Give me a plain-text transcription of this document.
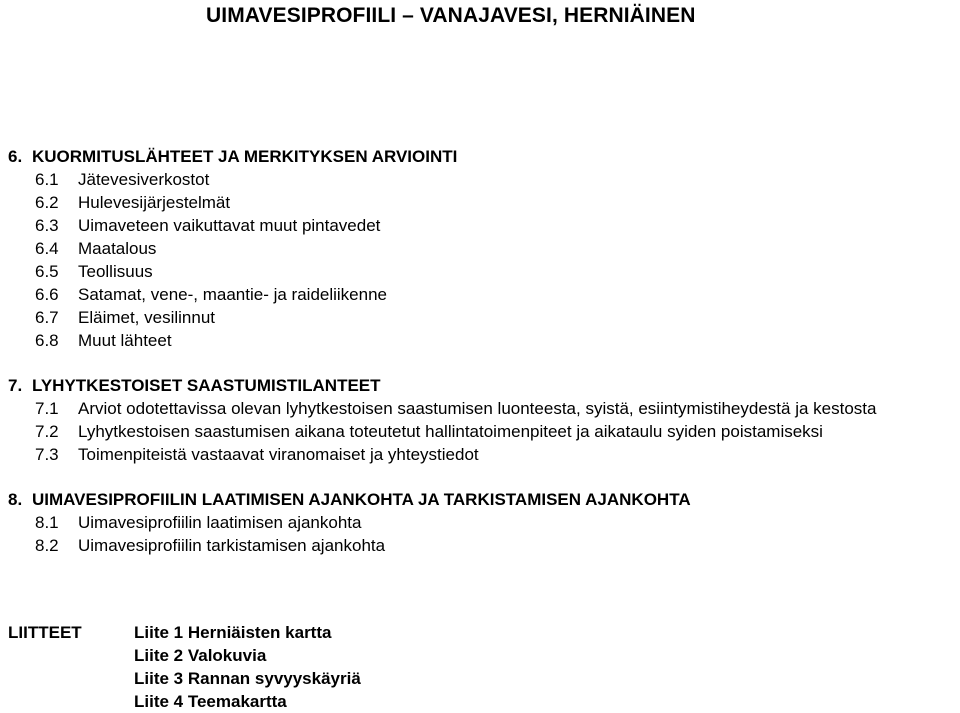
UIMAVESIPROFIILI – VANAJAVESI, HERNIÄINEN
6. KUORMITUSLÄHTEET JA MERKITYKSEN ARVIOINTI
6.1	Jätevesiverkostot
6.2	Hulevesijärjestelmät
6.3	Uimaveteen vaikuttavat muut pintavedet
6.4	Maatalous
6.5	Teollisuus
6.6	Satamat, vene-, maantie- ja raideliikenne
6.7	Eläimet, vesilinnut
6.8	Muut lähteet
7. LYHYTKESTOISET SAASTUMISTILANTEET
7.1	Arviot odotettavissa olevan lyhytkestoisen saastumisen luonteesta, syistä, esiintymistiheydestä ja kestosta
7.2	Lyhytkestoisen saastumisen aikana toteutetut hallintatoimenpiteet ja aikataulu syiden poistamiseksi
7.3	Toimenpiteistä vastaavat viranomaiset ja yhteystiedot
8. UIMAVESIPROFIILIN LAATIMISEN AJANKOHTA JA TARKISTAMISEN AJANKOHTA
8.1	Uimavesiprofiilin laatimisen ajankohta
8.2	Uimavesiprofiilin tarkistamisen ajankohta
LIITTEET	Liite 1 Herniäisten kartta
Liite 2 Valokuvia
Liite 3 Rannan syvyyskäyriä
Liite 4 Teemakartta
